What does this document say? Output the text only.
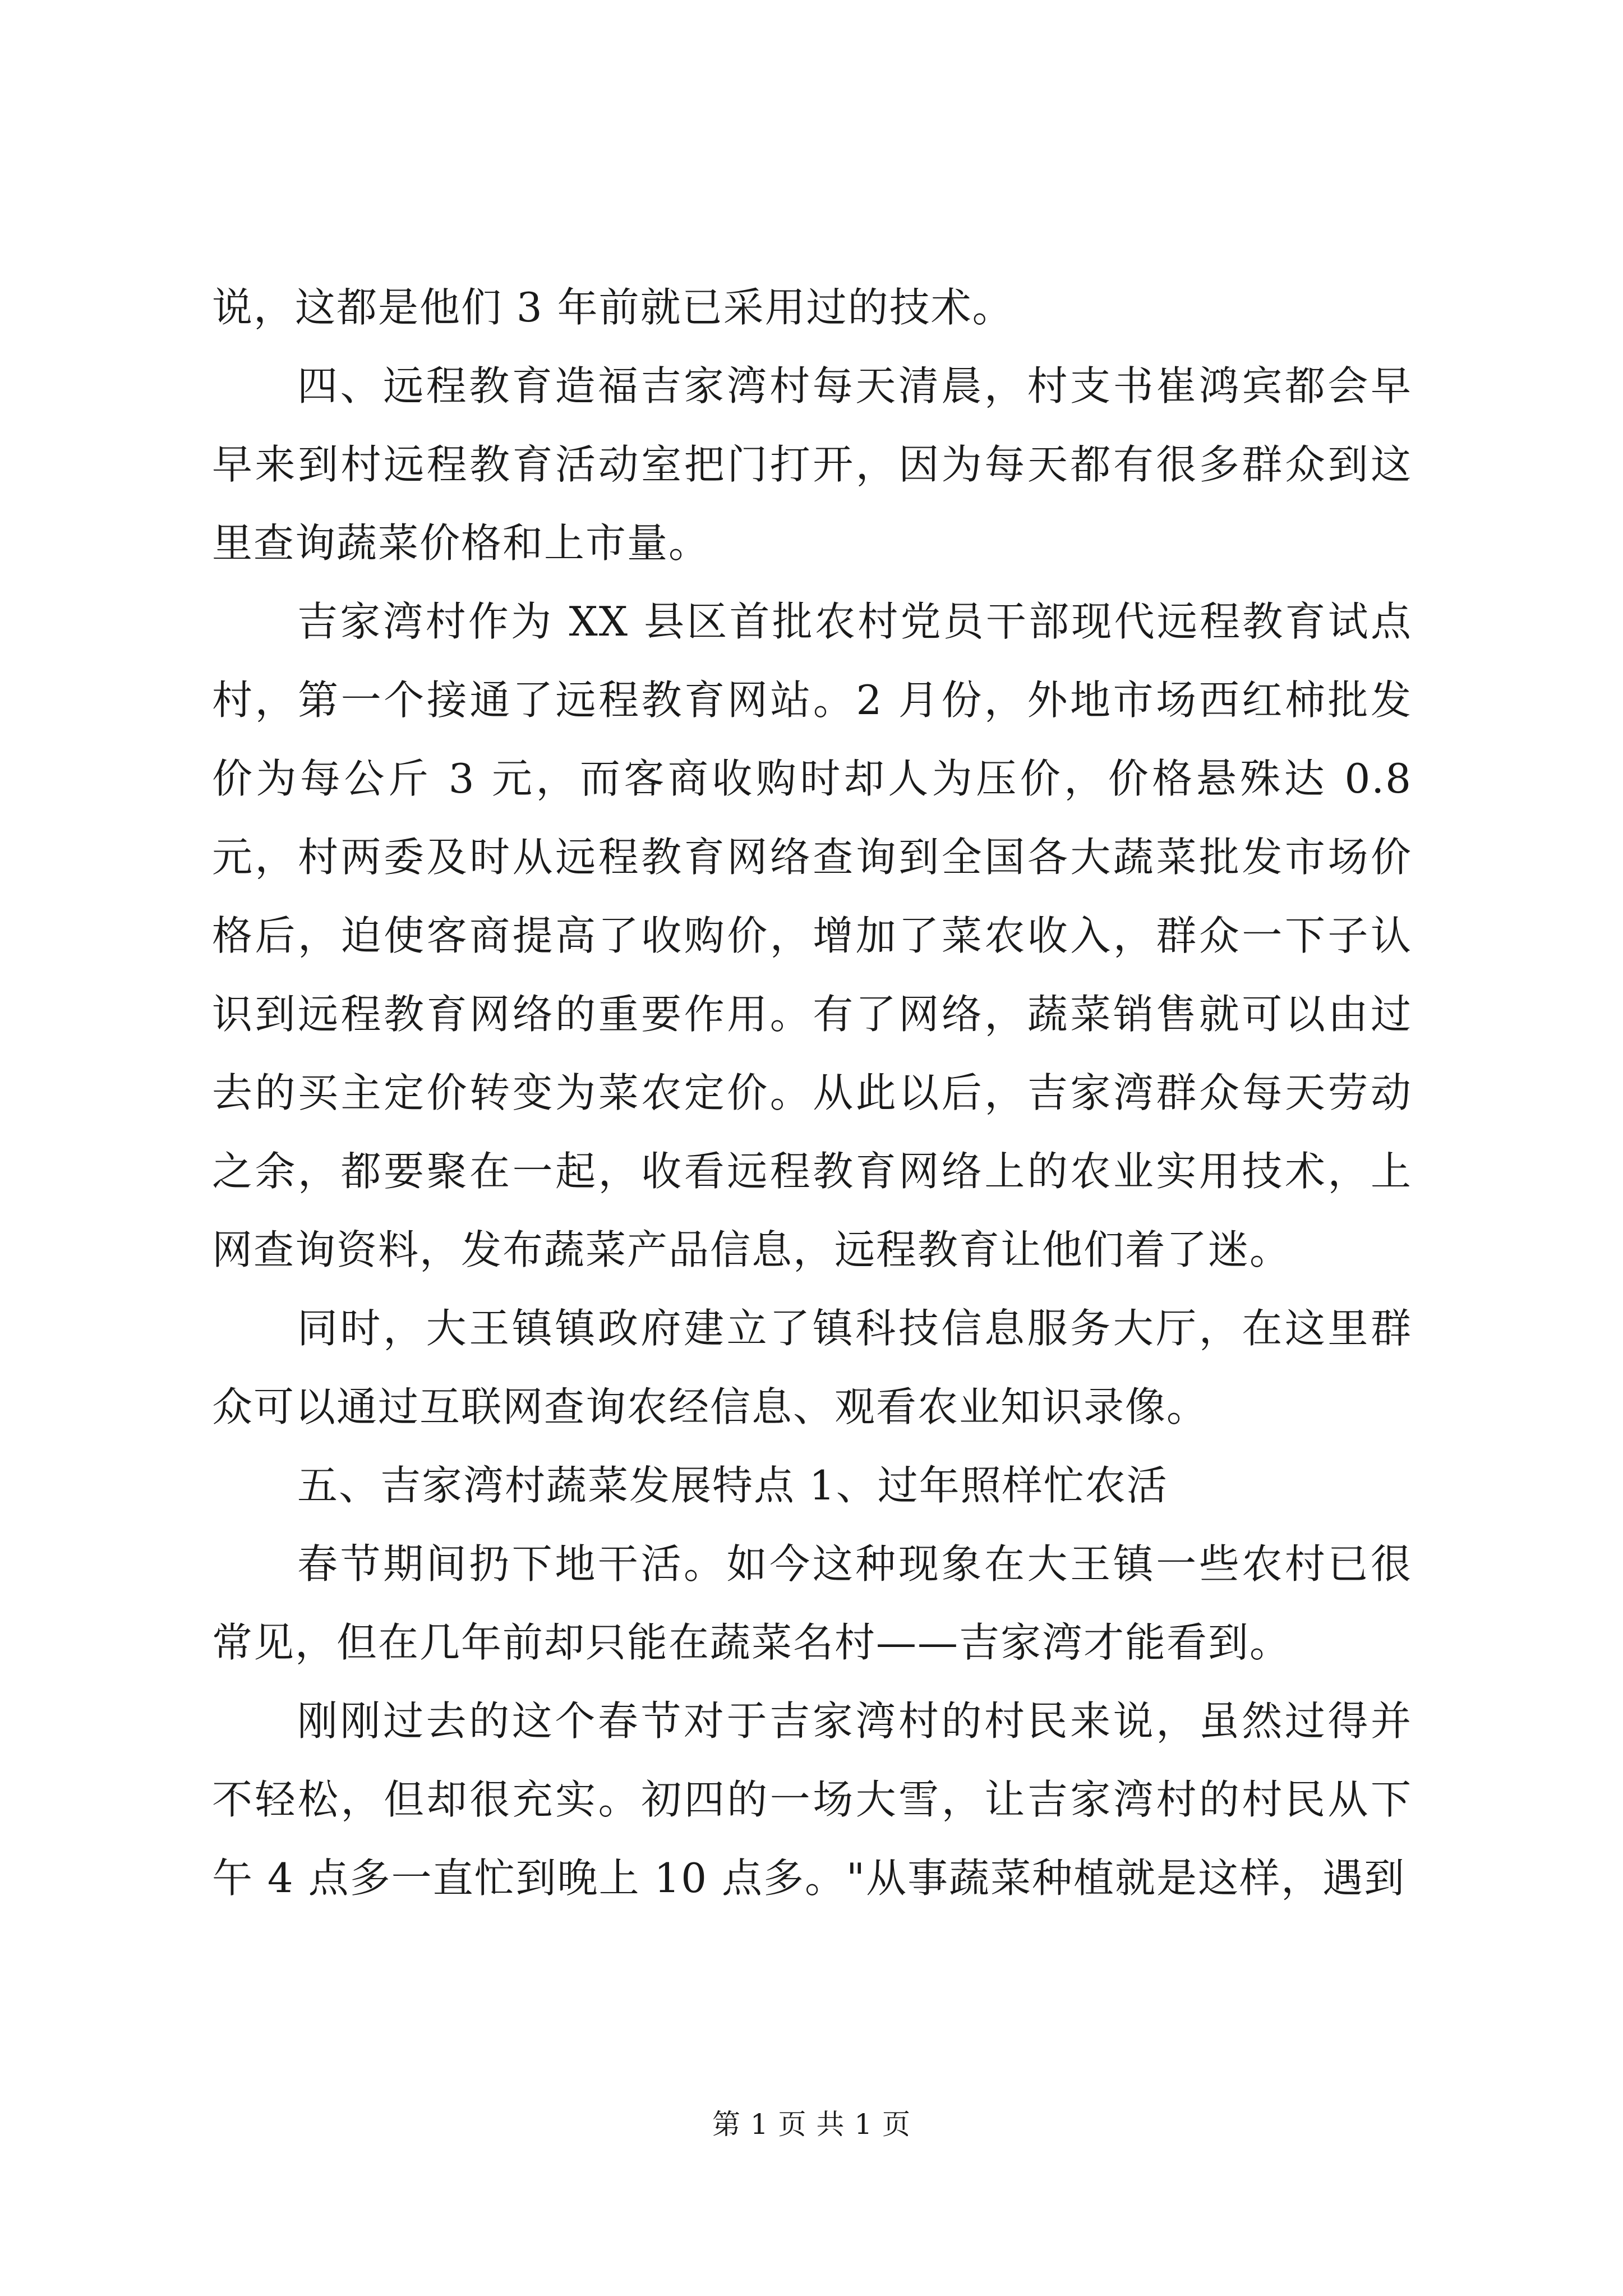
说，这都是他们 3 年前就已采用过的技术。

四、远程教育造福吉家湾村每天清晨，村支书崔鸿宾都会早早来到村远程教育活动室把门打开，因为每天都有很多群众到这里查询蔬菜价格和上市量。

吉家湾村作为 XX 县区首批农村党员干部现代远程教育试点村，第一个接通了远程教育网站。2 月份，外地市场西红柿批发价为每公斤 3 元，而客商收购时却人为压价，价格悬殊达 0.8 元，村两委及时从远程教育网络查询到全国各大蔬菜批发市场价格后，迫使客商提高了收购价，增加了菜农收入，群众一下子认识到远程教育网络的重要作用。有了网络，蔬菜销售就可以由过去的买主定价转变为菜农定价。从此以后，吉家湾群众每天劳动之余，都要聚在一起，收看远程教育网络上的农业实用技术，上网查询资料，发布蔬菜产品信息，远程教育让他们着了迷。

同时，大王镇镇政府建立了镇科技信息服务大厅，在这里群众可以通过互联网查询农经信息、观看农业知识录像。

五、吉家湾村蔬菜发展特点 1、过年照样忙农活

春节期间扔下地干活。如今这种现象在大王镇一些农村已很常见，但在几年前却只能在蔬菜名村——吉家湾才能看到。

刚刚过去的这个春节对于吉家湾村的村民来说，虽然过得并不轻松，但却很充实。初四的一场大雪，让吉家湾村的村民从下午 4 点多一直忙到晚上 10 点多。"从事蔬菜种植就是这样，遇到

第 1 页 共 1 页
